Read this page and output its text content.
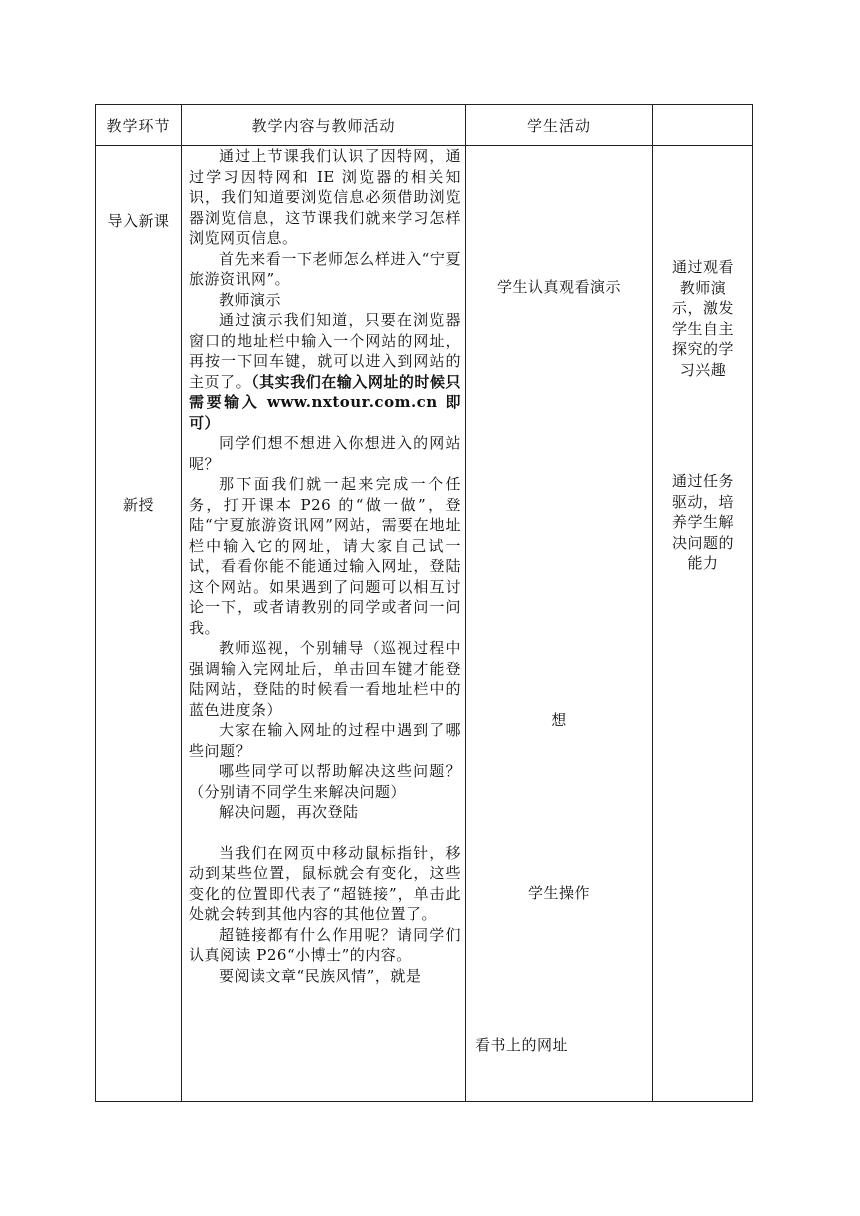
教学环节	教学内容与教师活动	学生活动
导入新课
新授

通过上节课我们认识了因特网，通过学习因特网和 IE 浏览器的相关知识，我们知道要浏览信息必须借助浏览器浏览信息，这节课我们就来学习怎样浏览网页信息。

首先来看一下老师怎么样进入“宁夏旅游资讯网”。

教师演示

通过演示我们知道，只要在浏览器窗口的地址栏中输入一个网站的网址，再按一下回车键，就可以进入到网站的主页了。（其实我们在输入网址的时候只需要输入 www.nxtour.com.cn 即可）

同学们想不想进入你想进入的网站呢？

那下面我们就一起来完成一个任务，打开课本 P26 的“做一做”，登陆“宁夏旅游资讯网”网站，需要在地址栏中输入它的网址，请大家自己试一试，看看你能不能通过输入网址，登陆这个网站。如果遇到了问题可以相互讨论一下，或者请教别的同学或者问一问我。

教师巡视，个别辅导（巡视过程中强调输入完网址后，单击回车键才能登陆网站，登陆的时候看一看地址栏中的蓝色进度条）

大家在输入网址的过程中遇到了哪些问题？

哪些同学可以帮助解决这些问题？（分别请不同学生来解决问题）

解决问题，再次登陆

当我们在网页中移动鼠标指针，移动到某些位置，鼠标就会有变化，这些变化的位置即代表了“超链接”，单击此处就会转到其他内容的其他位置了。

超链接都有什么作用呢？请同学们认真阅读 P26“小博士”的内容。

要阅读文章“民族风情”，就是

学生认真观看演示
想
学生操作
看书上的网址
通过观看教师演示，激发学生自主探究的学习兴趣
通过任务驱动，培养学生解决问题的能力
